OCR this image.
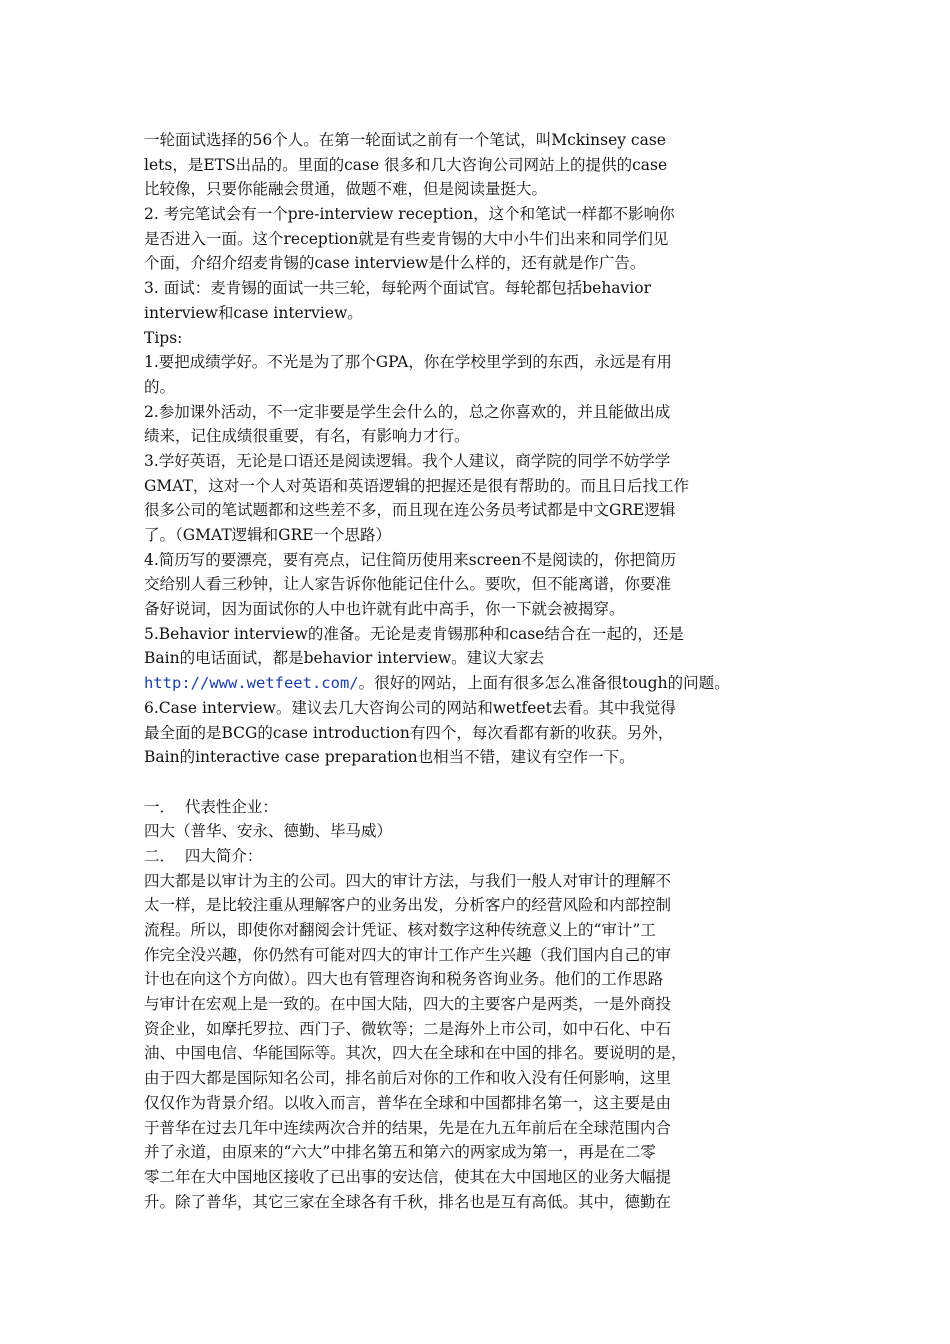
一轮面试选择的56个人。在第一轮面试之前有一个笔试，叫Mckinsey case
lets，是ETS出品的。里面的case 很多和几大咨询公司网站上的提供的case
比较像，只要你能融会贯通，做题不难，但是阅读量挺大。
2. 考完笔试会有一个pre-interview reception，这个和笔试一样都不影响你
是否进入一面。这个reception就是有些麦肯锡的大中小牛们出来和同学们见
个面，介绍介绍麦肯锡的case interview是什么样的，还有就是作广告。
3. 面试：麦肯锡的面试一共三轮，每轮两个面试官。每轮都包括behavior
interview和case interview。
Tips:
1.要把成绩学好。不光是为了那个GPA，你在学校里学到的东西，永远是有用
的。
2.参加课外活动，不一定非要是学生会什么的，总之你喜欢的，并且能做出成
绩来，记住成绩很重要，有名，有影响力才行。
3.学好英语，无论是口语还是阅读逻辑。我个人建议，商学院的同学不妨学学
GMAT，这对一个人对英语和英语逻辑的把握还是很有帮助的。而且日后找工作
很多公司的笔试题都和这些差不多，而且现在连公务员考试都是中文GRE逻辑
了。（GMAT逻辑和GRE一个思路）
4.简历写的要漂亮，要有亮点，记住简历使用来screen不是阅读的，你把简历
交给别人看三秒钟，让人家告诉你他能记住什么。要吹，但不能离谱，你要准
备好说词，因为面试你的人中也许就有此中高手，你一下就会被揭穿。
5.Behavior interview的准备。无论是麦肯锡那种和case结合在一起的，还是
Bain的电话面试，都是behavior interview。建议大家去
http://www.wetfeet.com/。很好的网站，上面有很多怎么准备很tough的问题。
6.Case interview。建议去几大咨询公司的网站和wetfeet去看。其中我觉得
最全面的是BCG的case introduction有四个，每次看都有新的收获。另外，
Bain的interactive case preparation也相当不错，建议有空作一下。
一．  代表性企业：
四大（普华、安永、德勤、毕马威）
二．  四大简介：
四大都是以审计为主的公司。四大的审计方法，与我们一般人对审计的理解不
太一样，是比较注重从理解客户的业务出发，分析客户的经营风险和内部控制
流程。所以，即使你对翻阅会计凭证、核对数字这种传统意义上的“审计”工
作完全没兴趣，你仍然有可能对四大的审计工作产生兴趣（我们国内自己的审
计也在向这个方向做）。四大也有管理咨询和税务咨询业务。他们的工作思路
与审计在宏观上是一致的。在中国大陆，四大的主要客户是两类，一是外商投
资企业，如摩托罗拉、西门子、微软等；二是海外上市公司，如中石化、中石
油、中国电信、华能国际等。其次，四大在全球和在中国的排名。要说明的是，
由于四大都是国际知名公司，排名前后对你的工作和收入没有任何影响，这里
仅仅作为背景介绍。以收入而言，普华在全球和中国都排名第一，这主要是由
于普华在过去几年中连续两次合并的结果，先是在九五年前后在全球范围内合
并了永道，由原来的“六大”中排名第五和第六的两家成为第一，再是在二零
零二年在大中国地区接收了已出事的安达信，使其在大中国地区的业务大幅提
升。除了普华，其它三家在全球各有千秋，排名也是互有高低。其中，德勤在
